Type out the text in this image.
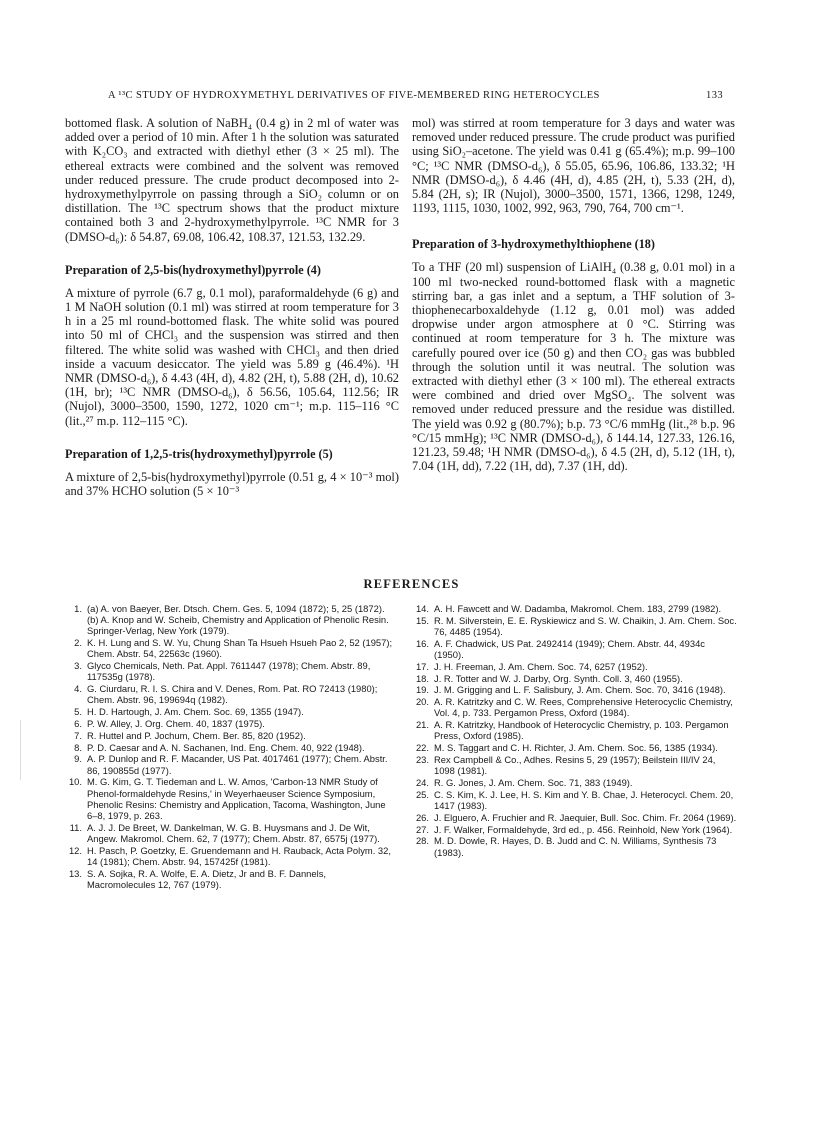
A ¹³C STUDY OF HYDROXYMETHYL DERIVATIVES OF FIVE-MEMBERED RING HETEROCYCLES	133

bottomed flask. A solution of NaBH₄ (0.4 g) in 2 ml of water was added over a period of 10 min. After 1 h the solution was saturated with K₂CO₃ and extracted with diethyl ether (3 × 25 ml). The ethereal extracts were combined and the solvent was removed under reduced pressure. The crude product decomposed into 2-hydroxymethylpyrrole on passing through a SiO₂ column or on distillation. The ¹³C spectrum shows that the product mixture contained both 3 and 2-hydroxymethylpyrrole. ¹³C NMR for 3 (DMSO-d₆): δ 54.87, 69.08, 106.42, 108.37, 121.53, 132.29.

Preparation of 2,5-bis(hydroxymethyl)pyrrole (4)

A mixture of pyrrole (6.7 g, 0.1 mol), paraformaldehyde (6 g) and 1 M NaOH solution (0.1 ml) was stirred at room temperature for 3 h in a 25 ml round-bottomed flask. The white solid was poured into 50 ml of CHCl₃ and the suspension was stirred and then filtered. The white solid was washed with CHCl₃ and then dried inside a vacuum desiccator. The yield was 5.89 g (46.4%). ¹H NMR (DMSO-d₆), δ 4.43 (4H, d), 4.82 (2H, t), 5.88 (2H, d), 10.62 (1H, br); ¹³C NMR (DMSO-d₆), δ 56.56, 105.64, 112.56; IR (Nujol), 3000–3500, 1590, 1272, 1020 cm⁻¹; m.p. 115–116 °C (lit.,²⁷ m.p. 112–115 °C).

Preparation of 1,2,5-tris(hydroxymethyl)pyrrole (5)

A mixture of 2,5-bis(hydroxymethyl)pyrrole (0.51 g, 4 × 10⁻³ mol) and 37% HCHO solution (5 × 10⁻³

mol) was stirred at room temperature for 3 days and water was removed under reduced pressure. The crude product was purified using SiO₂–acetone. The yield was 0.41 g (65.4%); m.p. 99–100 °C; ¹³C NMR (DMSO-d₆), δ 55.05, 65.96, 106.86, 133.32; ¹H NMR (DMSO-d₆), δ 4.46 (4H, d), 4.85 (2H, t), 5.33 (2H, d), 5.84 (2H, s); IR (Nujol), 3000–3500, 1571, 1366, 1298, 1249, 1193, 1115, 1030, 1002, 992, 963, 790, 764, 700 cm⁻¹.

Preparation of 3-hydroxymethylthiophene (18)

To a THF (20 ml) suspension of LiAlH₄ (0.38 g, 0.01 mol) in a 100 ml two-necked round-bottomed flask with a magnetic stirring bar, a gas inlet and a septum, a THF solution of 3-thiophenecarboxaldehyde (1.12 g, 0.01 mol) was added dropwise under argon atmosphere at 0 °C. Stirring was continued at room temperature for 3 h. The mixture was carefully poured over ice (50 g) and then CO₂ gas was bubbled through the solution until it was neutral. The solution was extracted with diethyl ether (3 × 100 ml). The ethereal extracts were combined and dried over MgSO₄. The solvent was removed under reduced pressure and the residue was distilled. The yield was 0.92 g (80.7%); b.p. 73 °C/6 mmHg (lit.,²⁸ b.p. 96 °C/15 mmHg); ¹³C NMR (DMSO-d₆), δ 144.14, 127.33, 126.16, 121.23, 59.48; ¹H NMR (DMSO-d₆), δ 4.5 (2H, d), 5.12 (1H, t), 7.04 (1H, dd), 7.22 (1H, dd), 7.37 (1H, dd).

REFERENCES
1. (a) A. von Baeyer, Ber. Dtsch. Chem. Ges. 5, 1094 (1872); 5, 25 (1872). (b) A. Knop and W. Scheib, Chemistry and Application of Phenolic Resin. Springer-Verlag, New York (1979).
2. K. H. Lung and S. W. Yu, Chung Shan Ta Hsueh Hsueh Pao 2, 52 (1957); Chem. Abstr. 54, 22563c (1960).
3. Glyco Chemicals, Neth. Pat. Appl. 7611447 (1978); Chem. Abstr. 89, 117535g (1978).
4. G. Ciurdaru, R. I. S. Chira and V. Denes, Rom. Pat. RO 72413 (1980); Chem. Abstr. 96, 199694q (1982).
5. H. D. Hartough, J. Am. Chem. Soc. 69, 1355 (1947).
6. P. W. Alley, J. Org. Chem. 40, 1837 (1975).
7. R. Huttel and P. Jochum, Chem. Ber. 85, 820 (1952).
8. P. D. Caesar and A. N. Sachanen, Ind. Eng. Chem. 40, 922 (1948).
9. A. P. Dunlop and R. F. Macander, US Pat. 4017461 (1977); Chem. Abstr. 86, 190855d (1977).
10. M. G. Kim, G. T. Tiedeman and L. W. Amos, 'Carbon-13 NMR Study of Phenol-formaldehyde Resins,' in Weyerhaeuser Science Symposium, Phenolic Resins: Chemistry and Application, Tacoma, Washington, June 6–8, 1979, p. 263.
11. A. J. J. De Breet, W. Dankelman, W. G. B. Huysmans and J. De Wit, Angew. Makromol. Chem. 62, 7 (1977); Chem. Abstr. 87, 6575j (1977).
12. H. Pasch, P. Goetzky, E. Gruendemann and H. Rauback, Acta Polym. 32, 14 (1981); Chem. Abstr. 94, 157425f (1981).
13. S. A. Sojka, R. A. Wolfe, E. A. Dietz, Jr and B. F. Dannels, Macromolecules 12, 767 (1979).
14. A. H. Fawcett and W. Dadamba, Makromol. Chem. 183, 2799 (1982).
15. R. M. Silverstein, E. E. Ryskiewicz and S. W. Chaikin, J. Am. Chem. Soc. 76, 4485 (1954).
16. A. F. Chadwick, US Pat. 2492414 (1949); Chem. Abstr. 44, 4934c (1950).
17. J. H. Freeman, J. Am. Chem. Soc. 74, 6257 (1952).
18. J. R. Totter and W. J. Darby, Org. Synth. Coll. 3, 460 (1955).
19. J. M. Grigging and L. F. Salisbury, J. Am. Chem. Soc. 70, 3416 (1948).
20. A. R. Katritzky and C. W. Rees, Comprehensive Heterocyclic Chemistry, Vol. 4, p. 733. Pergamon Press, Oxford (1984).
21. A. R. Katritzky, Handbook of Heterocyclic Chemistry, p. 103. Pergamon Press, Oxford (1985).
22. M. S. Taggart and C. H. Richter, J. Am. Chem. Soc. 56, 1385 (1934).
23. Rex Campbell & Co., Adhes. Resins 5, 29 (1957); Beilstein III/IV 24, 1098 (1981).
24. R. G. Jones, J. Am. Chem. Soc. 71, 383 (1949).
25. C. S. Kim, K. J. Lee, H. S. Kim and Y. B. Chae, J. Heterocycl. Chem. 20, 1417 (1983).
26. J. Elguero, A. Fruchier and R. Jaequier, Bull. Soc. Chim. Fr. 2064 (1969).
27. J. F. Walker, Formaldehyde, 3rd ed., p. 456. Reinhold, New York (1964).
28. M. D. Dowle, R. Hayes, D. B. Judd and C. N. Williams, Synthesis 73 (1983).
